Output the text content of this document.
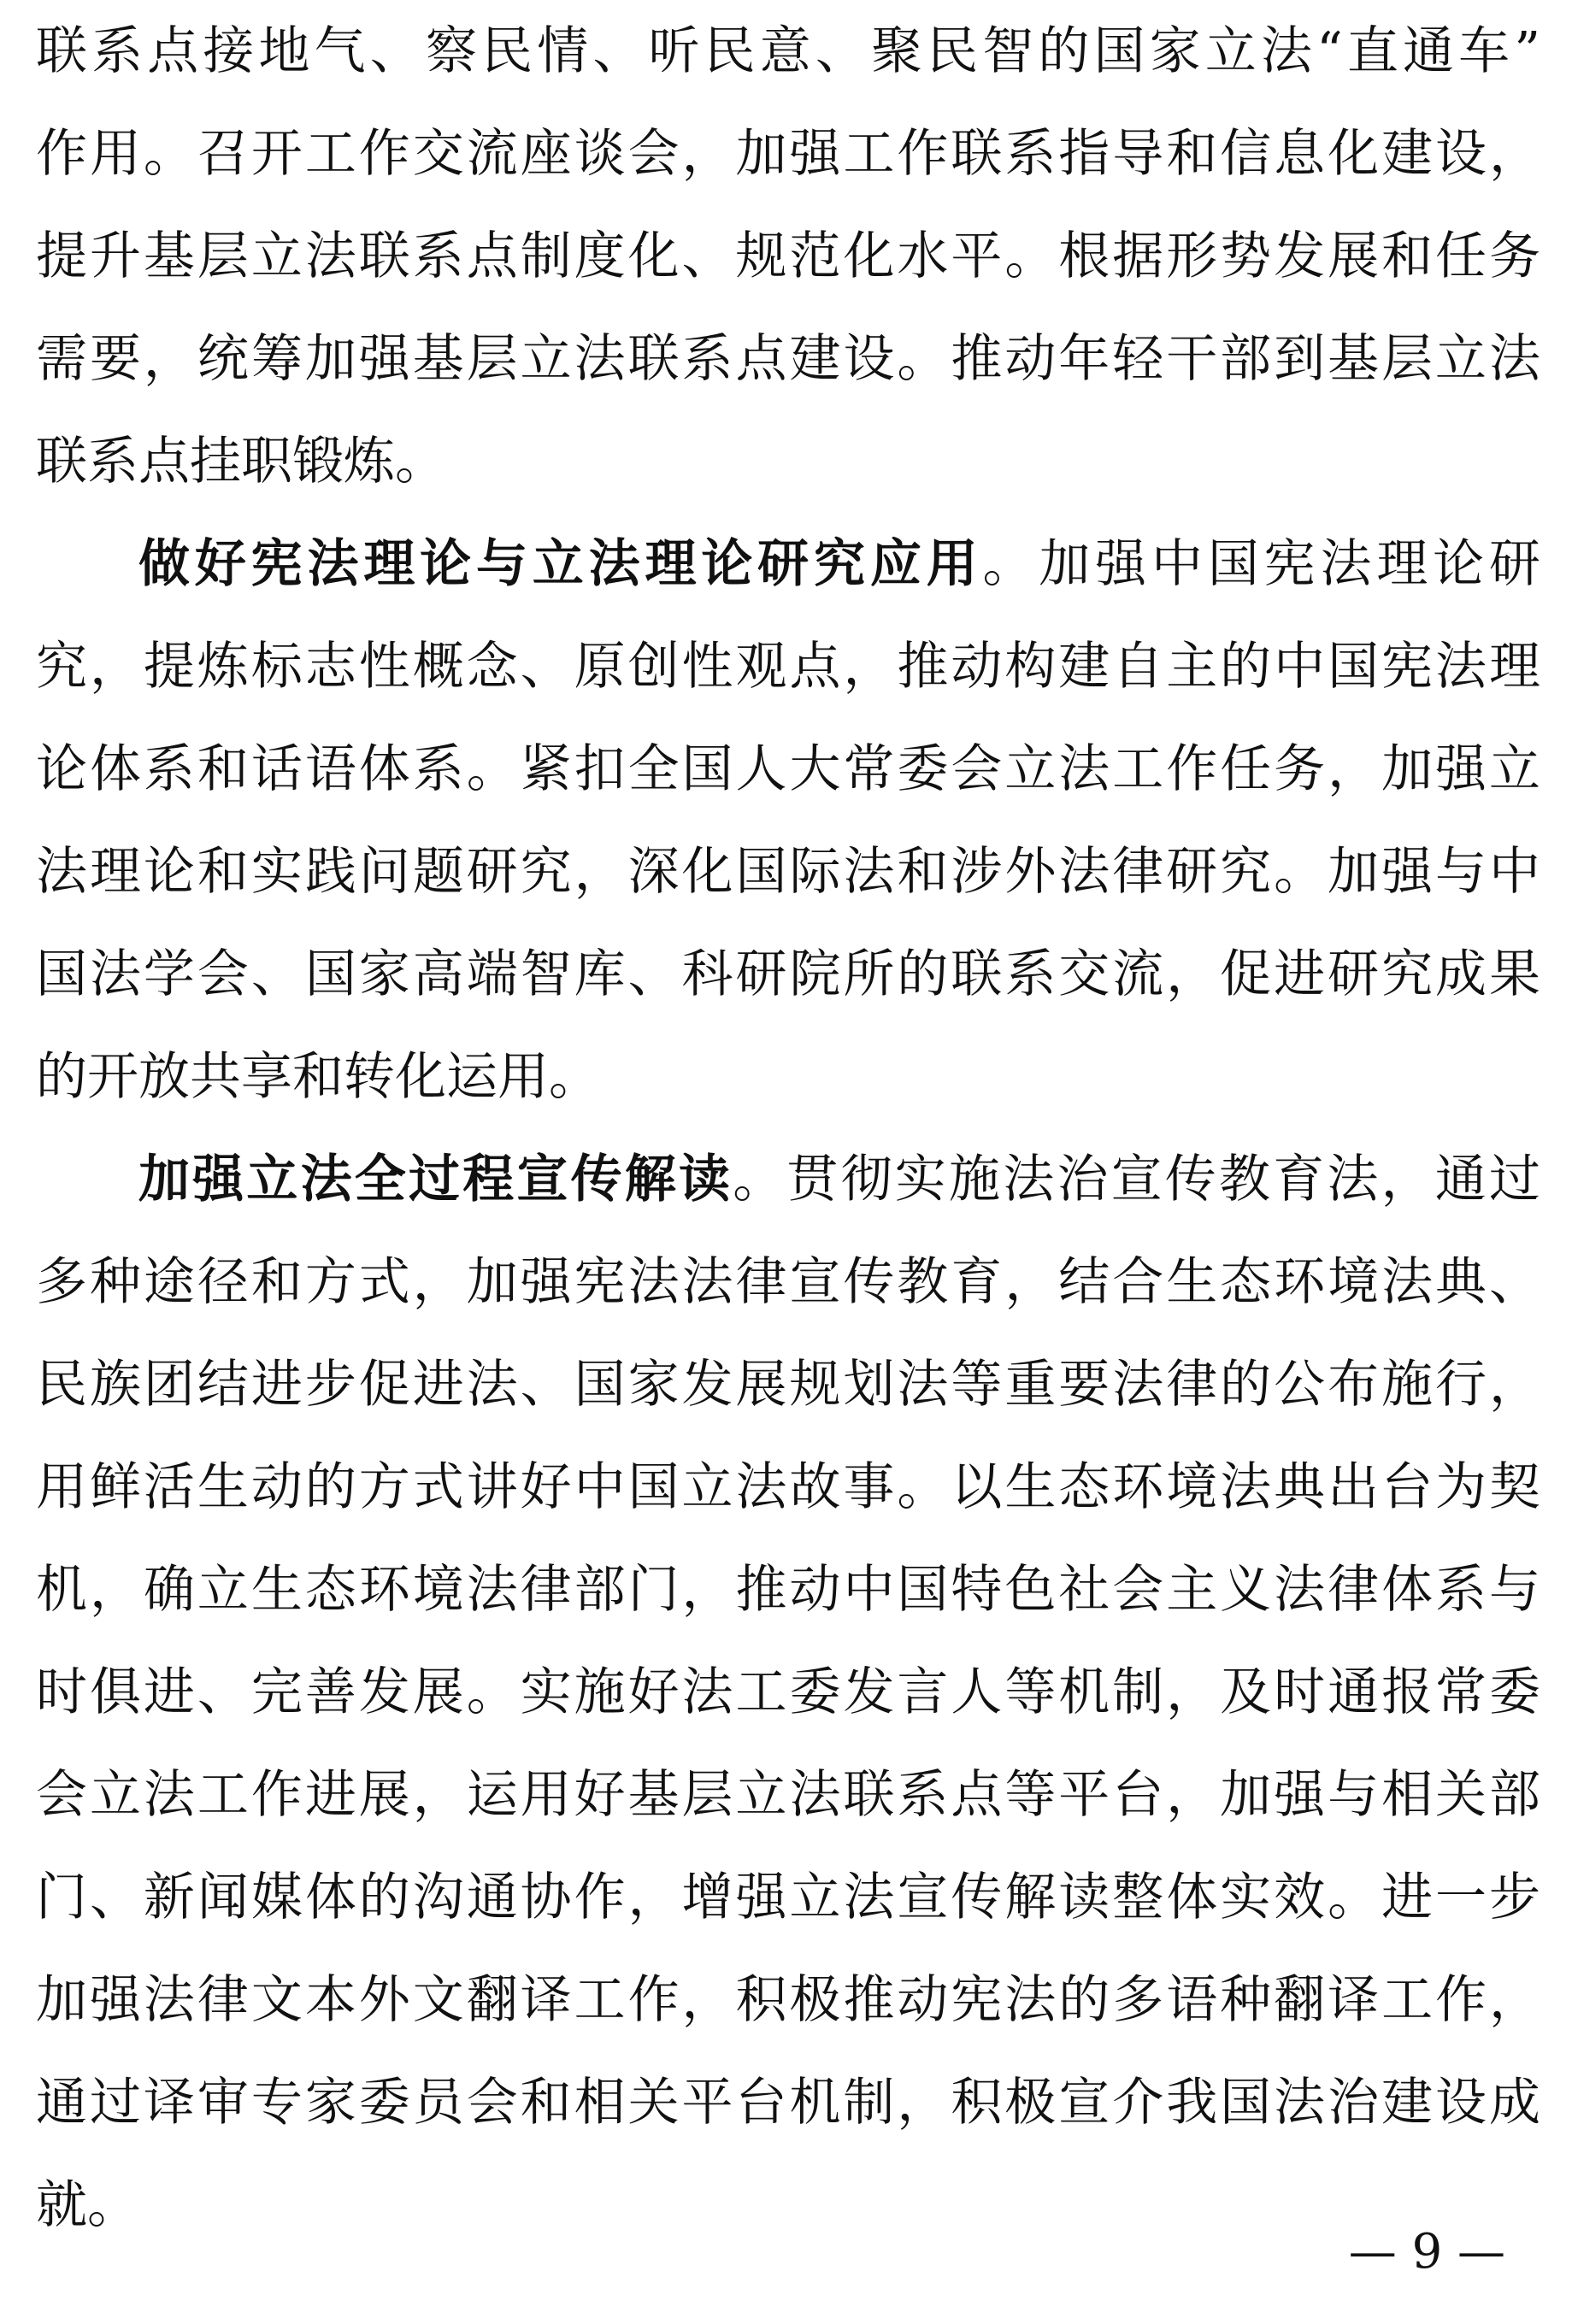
联系点接地气、察民情、听民意、聚民智的国家立法“直通车”
作用。召开工作交流座谈会，加强工作联系指导和信息化建设，
提升基层立法联系点制度化、规范化水平。根据形势发展和任务
需要，统筹加强基层立法联系点建设。推动年轻干部到基层立法
联系点挂职锻炼。
做好宪法理论与立法理论研究应用。加强中国宪法理论研
究，提炼标志性概念、原创性观点，推动构建自主的中国宪法理
论体系和话语体系。紧扣全国人大常委会立法工作任务，加强立
法理论和实践问题研究，深化国际法和涉外法律研究。加强与中
国法学会、国家高端智库、科研院所的联系交流，促进研究成果
的开放共享和转化运用。
加强立法全过程宣传解读。贯彻实施法治宣传教育法，通过
多种途径和方式，加强宪法法律宣传教育，结合生态环境法典、
民族团结进步促进法、国家发展规划法等重要法律的公布施行，
用鲜活生动的方式讲好中国立法故事。以生态环境法典出台为契
机，确立生态环境法律部门，推动中国特色社会主义法律体系与
时俱进、完善发展。实施好法工委发言人等机制，及时通报常委
会立法工作进展，运用好基层立法联系点等平台，加强与相关部
门、新闻媒体的沟通协作，增强立法宣传解读整体实效。进一步
加强法律文本外文翻译工作，积极推动宪法的多语种翻译工作，
通过译审专家委员会和相关平台机制，积极宣介我国法治建设成
就。
— 9 —
